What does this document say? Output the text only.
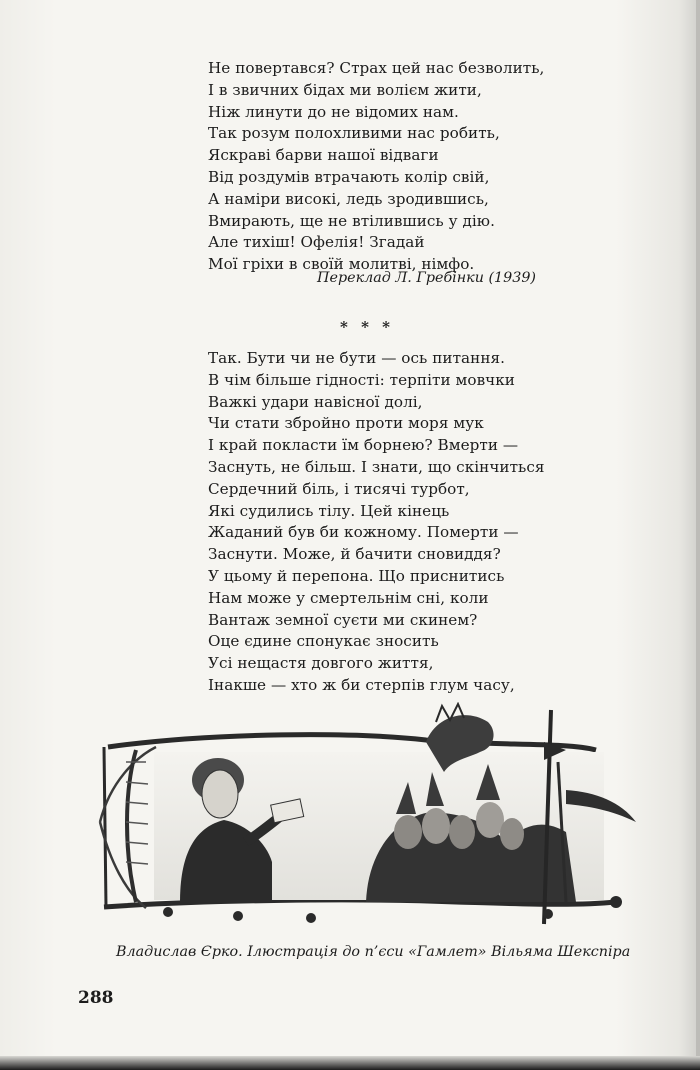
Не повертався? Страх цей нас безволить,
І в звичних бідах ми волієм жити,
Ніж линути до не відомих нам.
Так розум полохливими нас робить,
Яскраві барви нашої відваги
Від роздумів втрачають колір свій,
А наміри високі, ледь зродившись,
Вмирають, ще не втілившись у дію.
Але тихіш! Офелія! Згадай
Мої гріхи в своїй молитві, німфо.
Переклад Л. Гребінки (1939)
* * *
Так. Бути чи не бути — ось питання.
В чім більше гідності: терпіти мовчки
Важкі удари навісної долі,
Чи стати збройно проти моря мук
І край покласти їм борнею? Вмерти —
Заснуть, не більш. І знати, що скінчиться
Сердечний біль, і тисячі турбот,
Які судились тілу. Цей кінець
Жаданий був би кожному. Померти —
Заснути. Може, й бачити сновиддя?
У цьому й перепона. Що приснитись
Нам може у смертельнім сні, коли
Вантаж земної суєти ми скинем?
Оце єдине спонукає зносить
Усі нещастя довгого життя,
Інакше — хто ж би стерпів глум часу,
Владислав Єрко. Ілюстрація до п’єси «Гамлет» Вільяма Шекспіра
288
